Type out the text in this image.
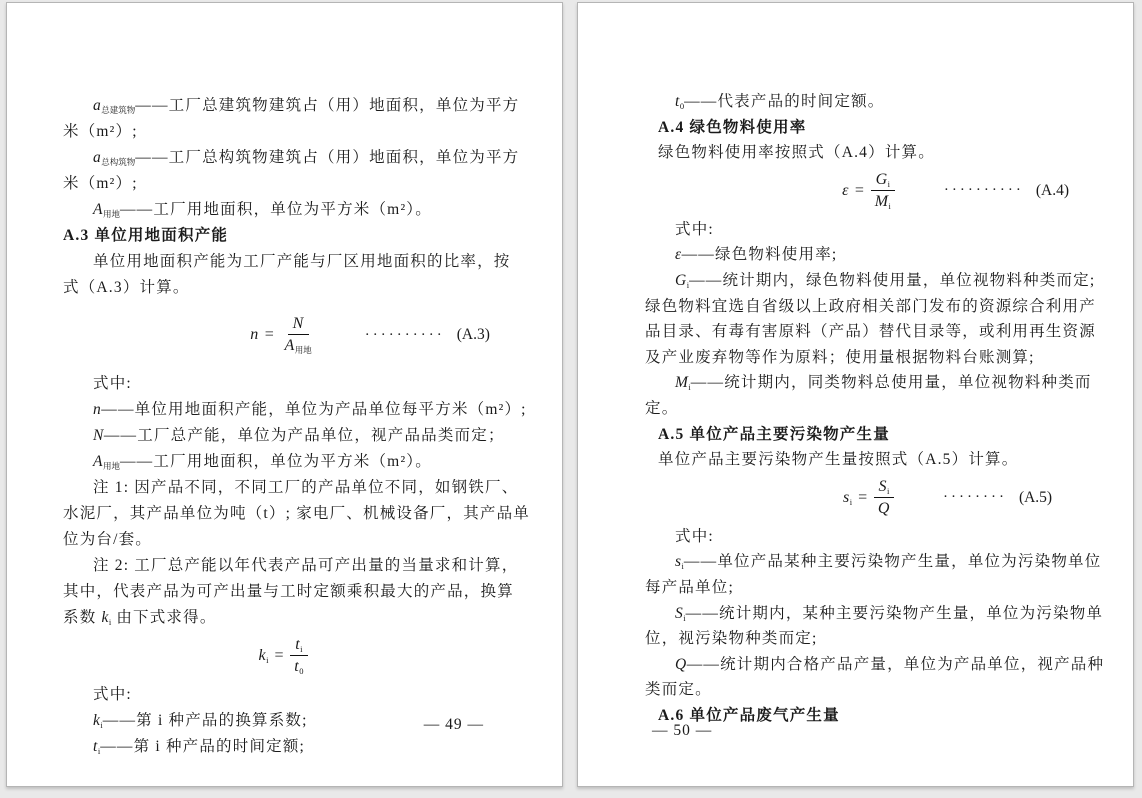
$a_{总建筑物}——$工厂总建筑物建筑占（用）地面积，单位为平方
米（m²）;
$a_{总构筑物}——$工厂总构筑物建筑占（用）地面积，单位为平方
米（m²）;
$A_{用地}——$工厂用地面积，单位为平方米（m²）。
A.3 单位用地面积产能
单位用地面积产能为工厂产能与厂区用地面积的比率，按
式（A.3）计算。
$n = \frac{N}{A_{用地}}$	·········· (A.3)
式中:
n——单位用地面积产能，单位为产品单位每平方米（m²）;
N——工厂总产能，单位为产品单位，视产品品类而定；
$A_{用地}——$工厂用地面积，单位为平方米（m²）。
注 1: 因产品不同，不同工厂的产品单位不同，如钢铁厂、
水泥厂，其产品单位为吨（t）; 家电厂、机械设备厂，其产品单
位为台/套。
注 2: 工厂总产能以年代表产品可产出量的当量求和计算，
其中，代表产品为可产出量与工时定额乘积最大的产品，换算
系数 $k_i$ 由下式求得。
$k_i = \frac{t_i}{t_0}$
式中:
$k_i——$第 i 种产品的换算系数;
$t_i——$第 i 种产品的时间定额;
— 49 —
$t_0——$代表产品的时间定额。
A.4 绿色物料使用率
绿色物料使用率按照式（A.4）计算。
$\varepsilon = \frac{G_i}{M_i}$	·········· (A.4)
式中:
ε——绿色物料使用率;
$G_i——$统计期内，绿色物料使用量，单位视物料种类而定;
绿色物料宜选自省级以上政府相关部门发布的资源综合利用产
品目录、有毒有害原料（产品）替代目录等，或利用再生资源
及产业废弃物等作为原料；使用量根据物料台账测算;
$M_i——$统计期内，同类物料总使用量，单位视物料种类而
定。
A.5 单位产品主要污染物产生量
单位产品主要污染物产生量按照式（A.5）计算。
$s_i = \frac{S_i}{Q}$	········ (A.5)
式中:
$s_i——$单位产品某种主要污染物产生量，单位为污染物单位
每产品单位;
$S_i——$统计期内，某种主要污染物产生量，单位为污染物单
位，视污染物种类而定;
Q——统计期内合格产品产量，单位为产品单位，视产品种
类而定。
A.6 单位产品废气产生量
— 50 —
